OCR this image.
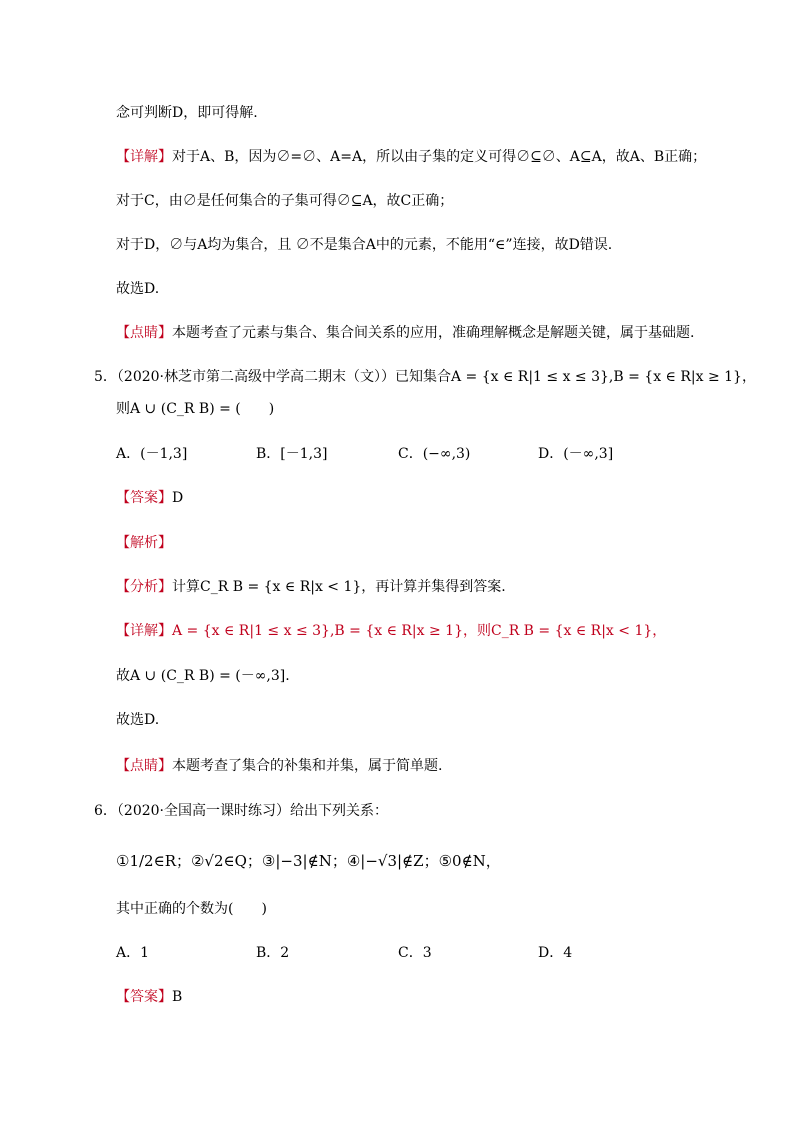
念可判断D，即可得解.
【详解】对于A、B，因为∅=∅、A=A，所以由子集的定义可得∅⊆∅、A⊆A，故A、B正确；
对于C，由∅是任何集合的子集可得∅⊆A，故C正确；
对于D，∅与A均为集合，且 ∅不是集合A中的元素，不能用“∈”连接，故D错误.
故选D.
【点睛】本题考查了元素与集合、集合间关系的应用，准确理解概念是解题关键，属于基础题.
5．（2020·林芝市第二高级中学高二期末（文））已知集合A = {x ∈ R|1 ≤ x ≤ 3},B = {x ∈ R|x ≥ 1}，
则A ∪ (C_R B) = (　　)
A．(－1,3]	B．[－1,3]	C．(−∞,3)	D．(－∞,3]
【答案】D
【解析】
【分析】计算C_R B = {x ∈ R|x < 1}，再计算并集得到答案.
【详解】A = {x ∈ R|1 ≤ x ≤ 3},B = {x ∈ R|x ≥ 1}，则C_R B = {x ∈ R|x < 1}，
故A ∪ (C_R B) = (－∞,3].
故选D.
【点睛】本题考查了集合的补集和并集，属于简单题.
6．（2020·全国高一课时练习）给出下列关系：
①1/2∈R；②√2∈Q；③|−3|∉N；④|−√3|∉Z；⑤0∉N，
其中正确的个数为(　　)
A．1	B．2	C．3	D．4
【答案】B
